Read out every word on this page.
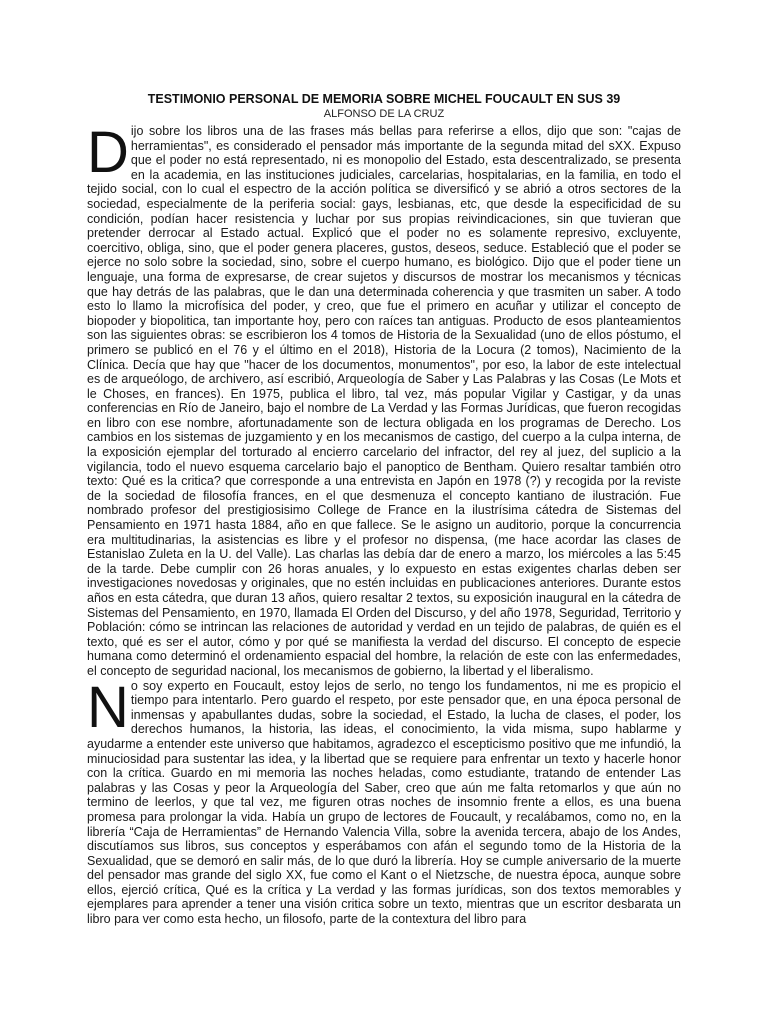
TESTIMONIO PERSONAL DE MEMORIA SOBRE MICHEL FOUCAULT EN SUS 39
ALFONSO DE LA CRUZ

Dijo sobre los libros una de las frases más bellas para referirse a ellos, dijo que son: "cajas de herramientas", es considerado el pensador más importante de la segunda mitad del sXX. Expuso que el poder no está representado, ni es monopolio del Estado, esta descentralizado, se presenta en la academia, en las instituciones judiciales, carcelarias, hospitalarias, en la familia, en todo el tejido social, con lo cual el espectro de la acción política se diversificó y se abrió a otros sectores de la sociedad, especialmente de la periferia social: gays, lesbianas, etc, que desde la especificidad de su condición, podían hacer resistencia y luchar por sus propias reivindicaciones, sin que tuvieran que pretender derrocar al Estado actual. Explicó que el poder no es solamente represivo, excluyente, coercitivo, obliga, sino, que el poder genera placeres, gustos, deseos, seduce. Estableció que el poder se ejerce no solo sobre la sociedad, sino, sobre el cuerpo humano, es biológico. Dijo que el poder tiene un lenguaje, una forma de expresarse, de crear sujetos y discursos de mostrar los mecanismos y técnicas que hay detrás de las palabras, que le dan una determinada coherencia y que trasmiten un saber. A todo esto lo llamo la microfísica del poder, y creo, que fue el primero en acuñar y utilizar el concepto de biopoder y biopolitica, tan importante hoy, pero con raíces tan antiguas. Producto de esos planteamientos son las siguientes obras: se escribieron los 4 tomos de Historia de la Sexualidad (uno de ellos póstumo, el primero se publicó en el 76 y el último en el 2018), Historia de la Locura (2 tomos), Nacimiento de la Clínica. Decía que hay que "hacer de los documentos, monumentos", por eso, la labor de este intelectual es de arqueólogo, de archivero, así escribió, Arqueología de Saber y Las Palabras y las Cosas (Le Mots et le Choses, en frances). En 1975, publica el libro, tal vez, más popular Vigilar y Castigar, y da unas conferencias en Río de Janeiro, bajo el nombre de La Verdad y las Formas Jurídicas, que fueron recogidas en libro con ese nombre, afortunadamente son de lectura obligada en los programas de Derecho. Los cambios en los sistemas de juzgamiento y en los mecanismos de castigo, del cuerpo a la culpa interna, de la exposición ejemplar del torturado al encierro carcelario del infractor, del rey al juez, del suplicio a la vigilancia, todo el nuevo esquema carcelario bajo el panoptico de Bentham. Quiero resaltar también otro texto: Qué es la critica? que corresponde a una entrevista en Japón en 1978 (?) y recogida por la reviste de la sociedad de filosofía frances, en el que desmenuza el concepto kantiano de ilustración. Fue nombrado profesor del prestigiosisimo College de France en la ilustrísima cátedra de Sistemas del Pensamiento en 1971 hasta 1884, año en que fallece. Se le asigno un auditorio, porque la concurrencia era multitudinarias, la asistencias es libre y el profesor no dispensa, (me hace acordar las clases de Estanislao Zuleta en la U. del Valle). Las charlas las debía dar de enero a marzo, los miércoles a las 5:45 de la tarde. Debe cumplir con 26 horas anuales, y lo expuesto en estas exigentes charlas deben ser investigaciones novedosas y originales, que no estén incluidas en publicaciones anteriores. Durante estos años en esta cátedra, que duran 13 años, quiero resaltar 2 textos, su exposición inaugural en la cátedra de Sistemas del Pensamiento, en 1970, llamada El Orden del Discurso, y del año 1978, Seguridad, Territorio y Población: cómo se intrincan las relaciones de autoridad y verdad en un tejido de palabras, de quién es el texto, qué es ser el autor, cómo y por qué se manifiesta la verdad del discurso. El concepto de especie humana como determinó el ordenamiento espacial del hombre, la relación de este con las enfermedades, el concepto de seguridad nacional, los mecanismos de gobierno, la libertad y el liberalismo.

No soy experto en Foucault, estoy lejos de serlo, no tengo los fundamentos, ni me es propicio el tiempo para intentarlo. Pero guardo el respeto, por este pensador que, en una época personal de inmensas y apabullantes dudas, sobre la sociedad, el Estado, la lucha de clases, el poder, los derechos humanos, la historia, las ideas, el conocimiento, la vida misma, supo hablarme y ayudarme a entender este universo que habitamos, agradezco el escepticismo positivo que me infundió, la minuciosidad para sustentar las idea, y la libertad que se requiere para enfrentar un texto y hacerle honor con la crítica. Guardo en mi memoria las noches heladas, como estudiante, tratando de entender Las palabras y las Cosas y peor la Arqueología del Saber, creo que aún me falta retomarlos y que aún no termino de leerlos, y que tal vez, me figuren otras noches de insomnio frente a ellos, es una buena promesa para prolongar la vida. Había un grupo de lectores de Foucault, y recalábamos, como no, en la librería “Caja de Herramientas” de Hernando Valencia Villa, sobre la avenida tercera, abajo de los Andes, discutíamos sus libros, sus conceptos y esperábamos con afán el segundo tomo de la Historia de la Sexualidad, que se demoró en salir más, de lo que duró la librería. Hoy se cumple aniversario de la muerte del pensador mas grande del siglo XX, fue como el Kant o el Nietzsche, de nuestra época, aunque sobre ellos, ejerció crítica, Qué es la crítica y La verdad y las formas jurídicas, son dos textos memorables y ejemplares para aprender a tener una visión critica sobre un texto, mientras que un escritor desbarata un libro para ver como esta hecho, un filosofo, parte de la contextura del libro para
